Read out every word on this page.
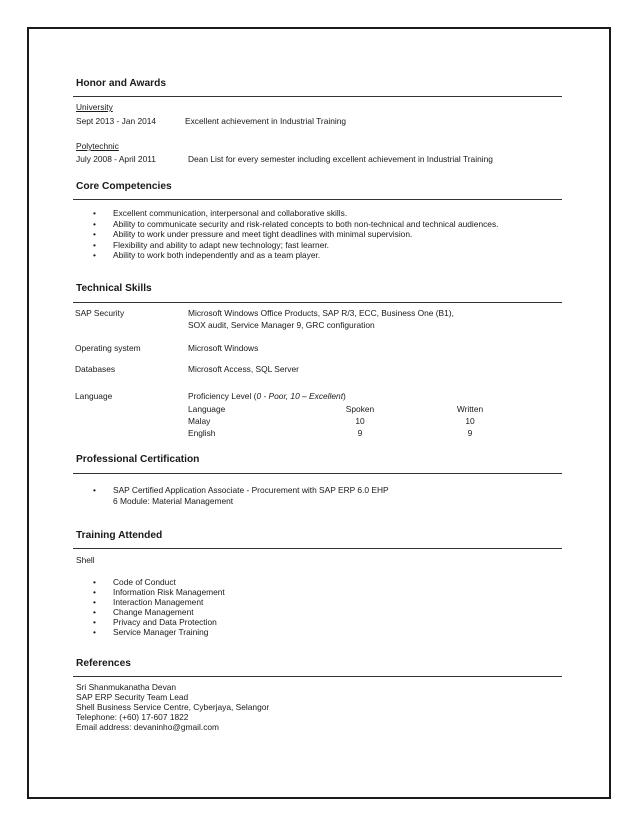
Honor and Awards
University
Sept 2013 - Jan 2014	Excellent achievement in Industrial Training
Polytechnic
July 2008 - April 2011	Dean List for every semester including excellent achievement in Industrial Training
Core Competencies
• Excellent communication, interpersonal and collaborative skills.
• Ability to communicate security and risk-related concepts to both non-technical and technical audiences.
• Ability to work under pressure and meet tight deadlines with minimal supervision.
• Flexibility and ability to adapt new technology; fast learner.
• Ability to work both independently and as a team player.
Technical Skills
SAP Security	Microsoft Windows Office Products, SAP R/3, ECC, Business One (B1),
SOX audit, Service Manager 9, GRC configuration
Operating system	Microsoft Windows
Databases	Microsoft Access, SQL Server
Language	Proficiency Level (0 - Poor, 10 – Excellent)
Language	Spoken	Written
Malay	10	10
English	9	9
Professional Certification
• SAP Certified Application Associate - Procurement with SAP ERP 6.0 EHP
6 Module: Material Management
Training Attended
Shell
• Code of Conduct
• Information Risk Management
• Interaction Management
• Change Management
• Privacy and Data Protection
• Service Manager Training
References
Sri Shanmukanatha Devan
SAP ERP Security Team Lead
Shell Business Service Centre, Cyberjaya, Selangor
Telephone: (+60) 17-607 1822
Email address: devaninho@gmail.com
